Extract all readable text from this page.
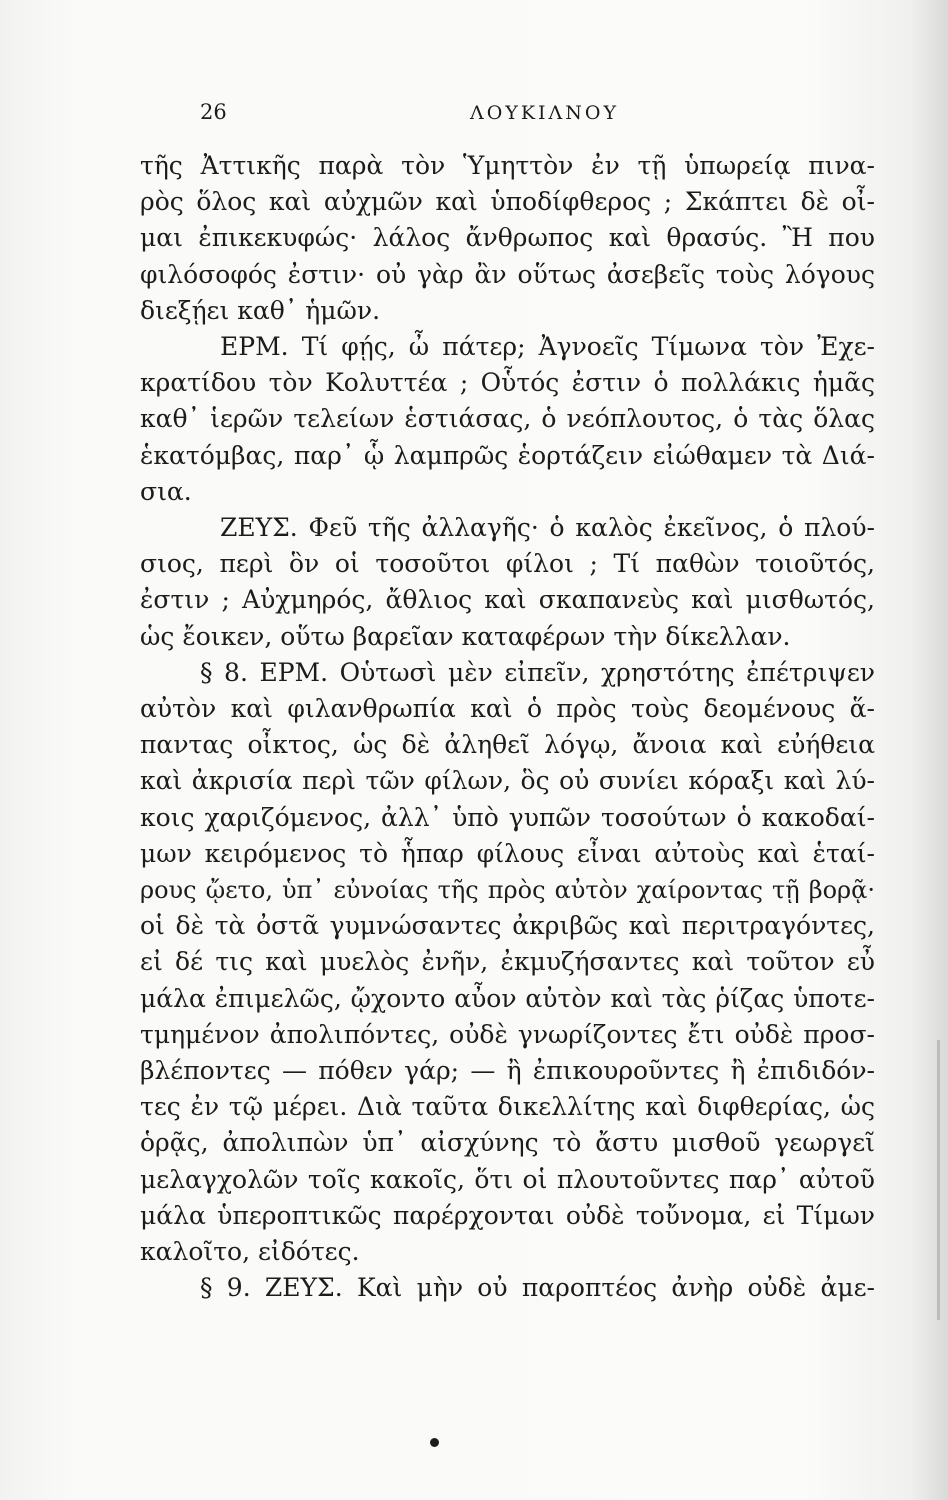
26	ΛΟΥΚΙΛΝΟΥ
τῆς Ἀττικῆς παρὰ τὸν Ὑμηττὸν ἐν τῇ ὑπωρείᾳ πινα-
ρὸς ὅλος καὶ αὐχμῶν καὶ ὑποδίφθερος ; Σκάπτει δὲ οἶ-
μαι ἐπικεκυφώς· λάλος ἄνθρωπος καὶ θρασύς. Ἢ που
φιλόσοφός ἐστιν· οὐ γὰρ ἂν οὕτως ἀσεβεῖς τοὺς λόγους
διεξῄει καθ᾽ ἡμῶν.
ΕΡΜ. Τί φῄς, ὦ πάτερ; Ἀγνοεῖς Τίμωνα τὸν Ἐχε-
κρατίδου τὸν Κολυττέα ; Οὗτός ἐστιν ὁ πολλάκις ἡμᾶς
καθ᾽ ἱερῶν τελείων ἑστιάσας, ὁ νεόπλουτος, ὁ τὰς ὅλας
ἑκατόμβας, παρ᾽ ᾧ λαμπρῶς ἑορτάζειν εἰώθαμεν τὰ Διά-
σια.
ΖΕΥΣ. Φεῦ τῆς ἀλλαγῆς· ὁ καλὸς ἐκεῖνος, ὁ πλού-
σιος, περὶ ὃν οἱ τοσοῦτοι φίλοι ; Τί παθὼν τοιοῦτός,
ἐστιν ; Αὐχμηρός, ἄθλιος καὶ σκαπανεὺς καὶ μισθωτός,
ὡς ἔοικεν, οὕτω βαρεῖαν καταφέρων τὴν δίκελλαν.
§ 8. ΕΡΜ. Οὑτωσὶ μὲν εἰπεῖν, χρηστότης ἐπέτριψεν
αὐτὸν καὶ φιλανθρωπία καὶ ὁ πρὸς τοὺς δεομένους ἅ-
παντας οἶκτος, ὡς δὲ ἀληθεῖ λόγῳ, ἄνοια καὶ εὐήθεια
καὶ ἀκρισία περὶ τῶν φίλων, ὃς οὐ συνίει κόραξι καὶ λύ-
κοις χαριζόμενος, ἀλλ᾽ ὑπὸ γυπῶν τοσούτων ὁ κακοδαί-
μων κειρόμενος τὸ ἧπαρ φίλους εἶναι αὐτοὺς καὶ ἑταί-
ρους ᾤετο, ὑπ᾽ εὐνοίας τῆς πρὸς αὐτὸν χαίροντας τῇ βορᾷ·
οἱ δὲ τὰ ὀστᾶ γυμνώσαντες ἀκριβῶς καὶ περιτραγόντες,
εἰ δέ τις καὶ μυελὸς ἐνῆν, ἐκμυζήσαντες καὶ τοῦτον εὖ
μάλα ἐπιμελῶς, ᾤχοντο αὖον αὐτὸν καὶ τὰς ῥίζας ὑποτε-
τμημένον ἀπολιπόντες, οὐδὲ γνωρίζοντες ἔτι οὐδὲ προσ-
βλέποντες — πόθεν γάρ; — ἢ ἐπικουροῦντες ἢ ἐπιδιδόν-
τες ἐν τῷ μέρει. Διὰ ταῦτα δικελλίτης καὶ διφθερίας, ὡς
ὁρᾷς, ἀπολιπὼν ὑπ᾽ αἰσχύνης τὸ ἄστυ μισθοῦ γεωργεῖ
μελαγχολῶν τοῖς κακοῖς, ὅτι οἱ πλουτοῦντες παρ᾽ αὐτοῦ
μάλα ὑπεροπτικῶς παρέρχονται οὐδὲ τοὔνομα, εἰ Τίμων
καλοῖτο, εἰδότες.
§ 9. ΖΕΥΣ. Καὶ μὴν οὐ παροπτέος ἀνὴρ οὐδὲ ἀμε-
